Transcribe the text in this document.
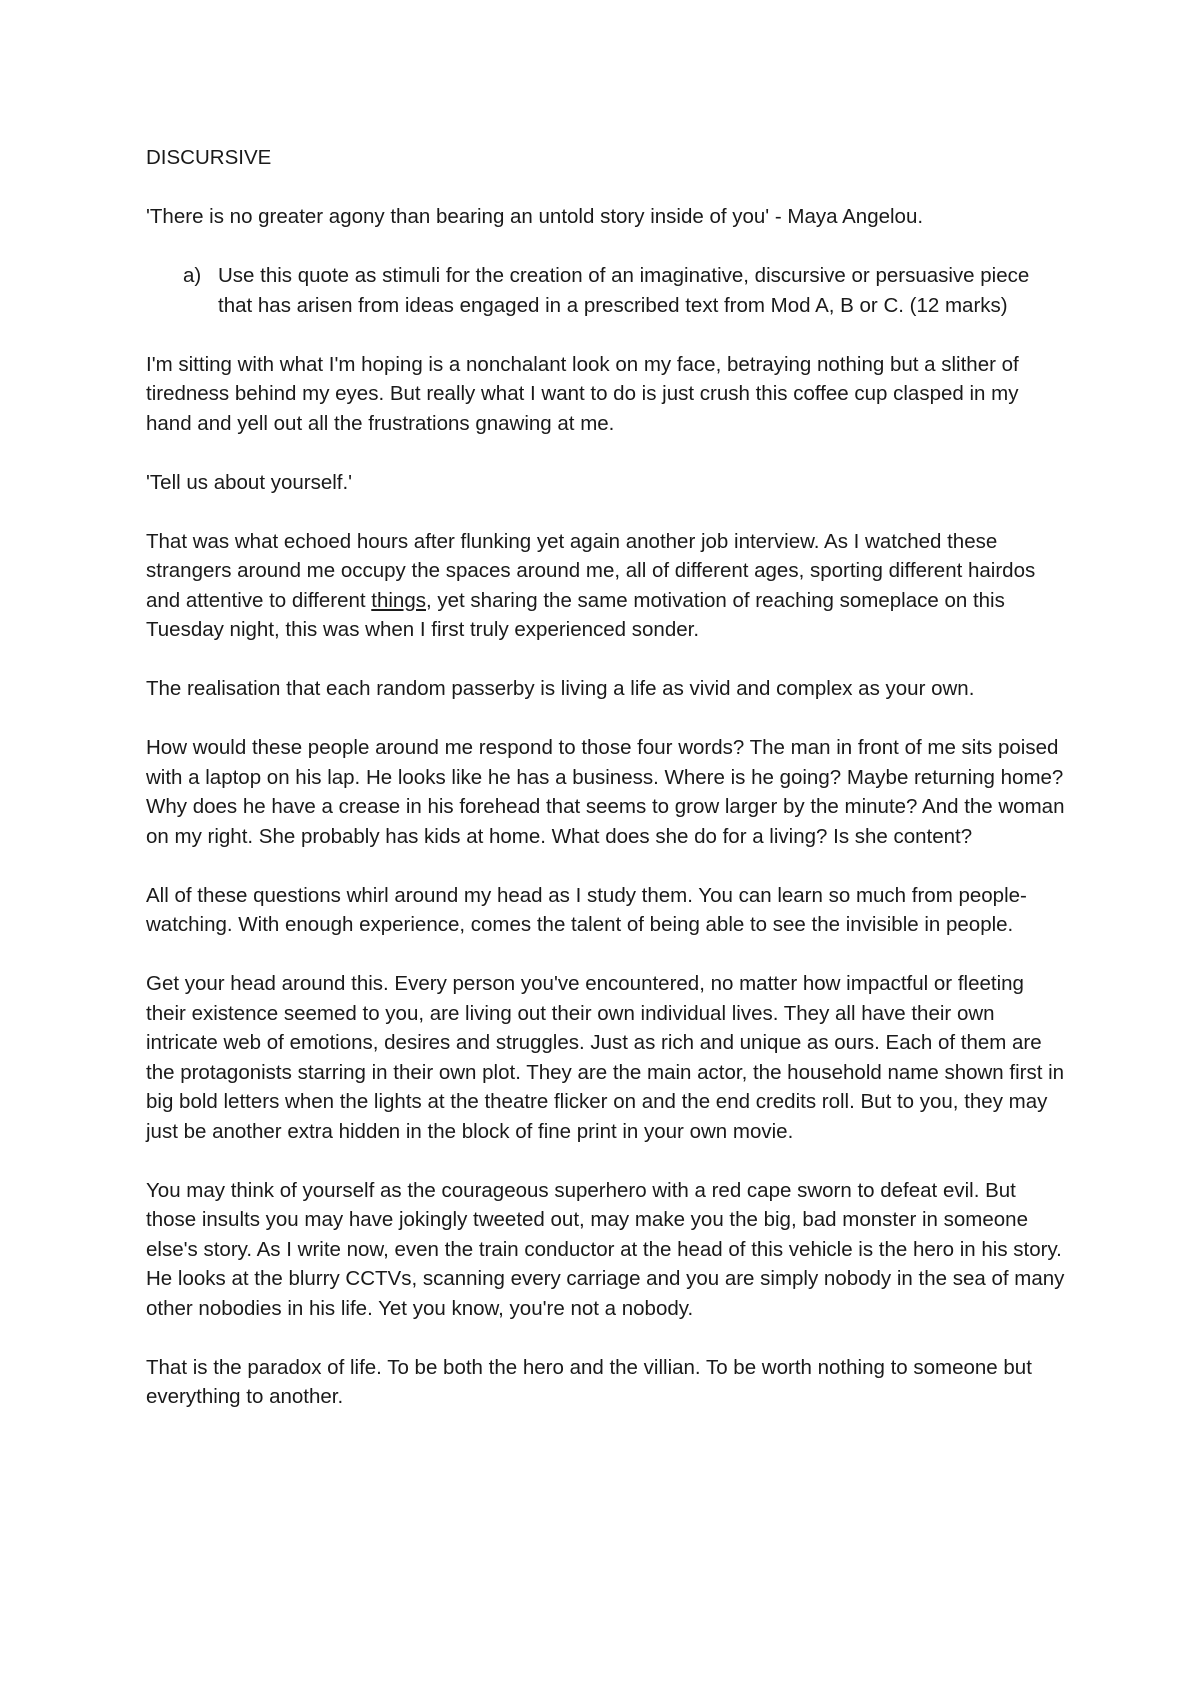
DISCURSIVE

'There is no greater agony than bearing an untold story inside of you' - Maya Angelou.

a) Use this quote as stimuli for the creation of an imaginative, discursive or persuasive piece that has arisen from ideas engaged in a prescribed text from Mod A, B or C. (12 marks)

I'm sitting with what I'm hoping is a nonchalant look on my face, betraying nothing but a slither of tiredness behind my eyes. But really what I want to do is just crush this coffee cup clasped in my hand and yell out all the frustrations gnawing at me.

'Tell us about yourself.'

That was what echoed hours after flunking yet again another job interview. As I watched these strangers around me occupy the spaces around me, all of different ages, sporting different hairdos and attentive to different things, yet sharing the same motivation of reaching someplace on this Tuesday night, this was when I first truly experienced sonder.

The realisation that each random passerby is living a life as vivid and complex as your own.

How would these people around me respond to those four words? The man in front of me sits poised with a laptop on his lap. He looks like he has a business. Where is he going? Maybe returning home? Why does he have a crease in his forehead that seems to grow larger by the minute? And the woman on my right. She probably has kids at home. What does she do for a living? Is she content?

All of these questions whirl around my head as I study them. You can learn so much from people-watching. With enough experience, comes the talent of being able to see the invisible in people.

Get your head around this. Every person you've encountered, no matter how impactful or fleeting their existence seemed to you, are living out their own individual lives. They all have their own intricate web of emotions, desires and struggles. Just as rich and unique as ours. Each of them are the protagonists starring in their own plot. They are the main actor, the household name shown first in big bold letters when the lights at the theatre flicker on and the end credits roll. But to you, they may just be another extra hidden in the block of fine print in your own movie.

You may think of yourself as the courageous superhero with a red cape sworn to defeat evil. But those insults you may have jokingly tweeted out, may make you the big, bad monster in someone else's story. As I write now, even the train conductor at the head of this vehicle is the hero in his story. He looks at the blurry CCTVs, scanning every carriage and you are simply nobody in the sea of many other nobodies in his life. Yet you know, you're not a nobody.

That is the paradox of life. To be both the hero and the villian. To be worth nothing to someone but everything to another.
